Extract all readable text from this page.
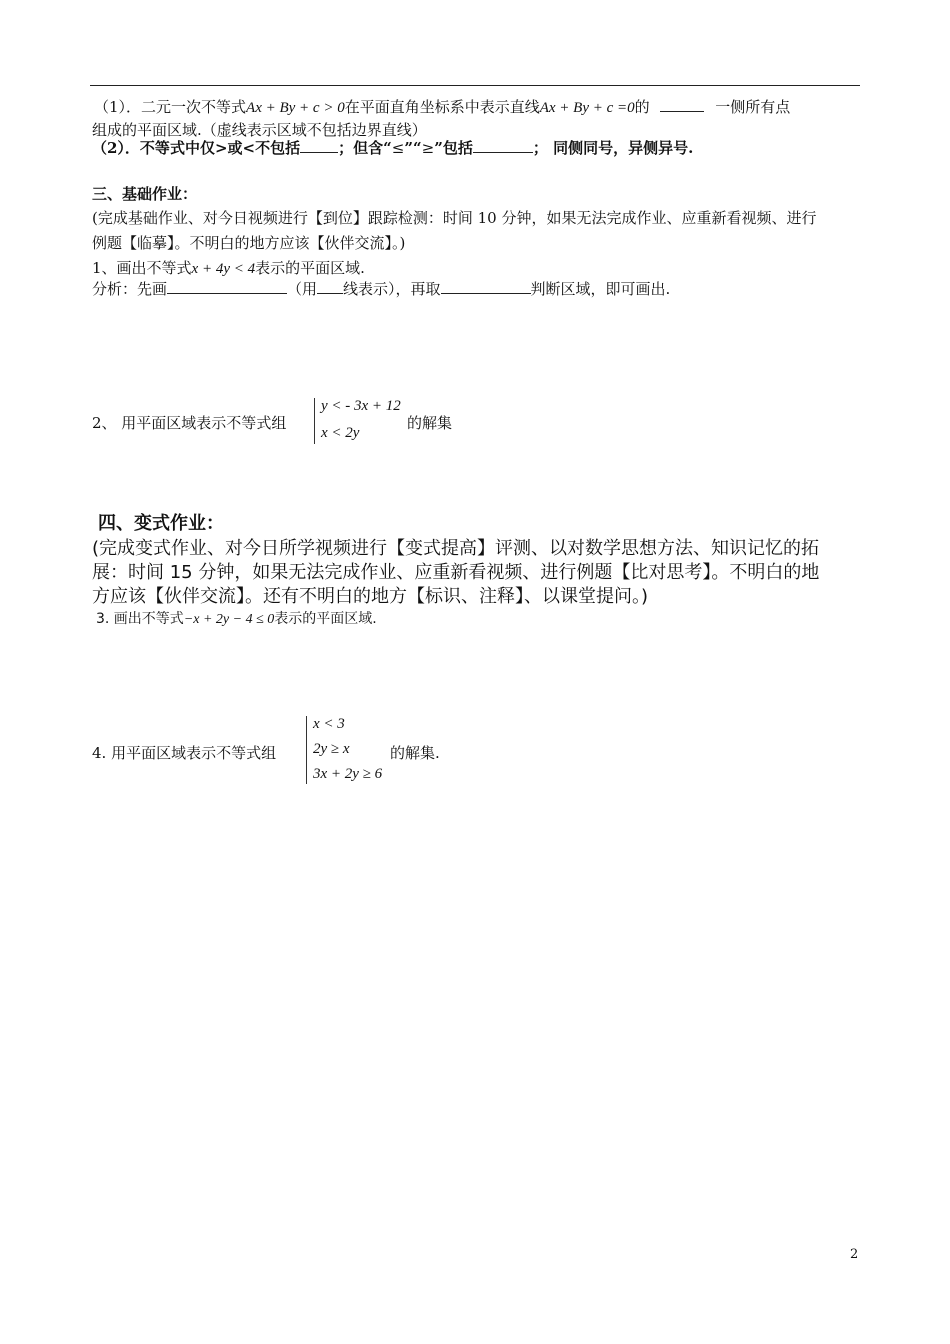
（1）．二元一次不等式Ax + By + c > 0在平面直角坐标系中表示直线Ax + By + c =0的	一侧所有点
组成的平面区域.（虚线表示区域不包括边界直线）
（2）．不等式中仅>或<不包括	；但含“≤”“≥”包括	； 同侧同号，异侧异号.
三、基础作业：
(完成基础作业、对今日视频进行【到位】跟踪检测：时间 10 分钟，如果无法完成作业、应重新看视频、进行
例题【临摹】。不明白的地方应该【伙伴交流】。)
1、画出不等式x + 4y < 4表示的平面区域.
分析：先画	（用 线表示），再取	判断区域，即可画出.
2、 用平面区域表示不等式组
y < - 3x + 12
x < 2y
的解集
四、变式作业：
(完成变式作业、对今日所学视频进行【变式提高】评测、以对数学思想方法、知识记忆的拓
展：时间 15 分钟，如果无法完成作业、应重新看视频、进行例题【比对思考】。不明白的地
方应该【伙伴交流】。还有不明白的地方【标识、注释】、以课堂提问。)
3. 画出不等式−x + 2y − 4 ≤ 0表示的平面区域.
4. 用平面区域表示不等式组
x < 3
2y ≥ x
3x + 2y ≥ 6
的解集.
2
